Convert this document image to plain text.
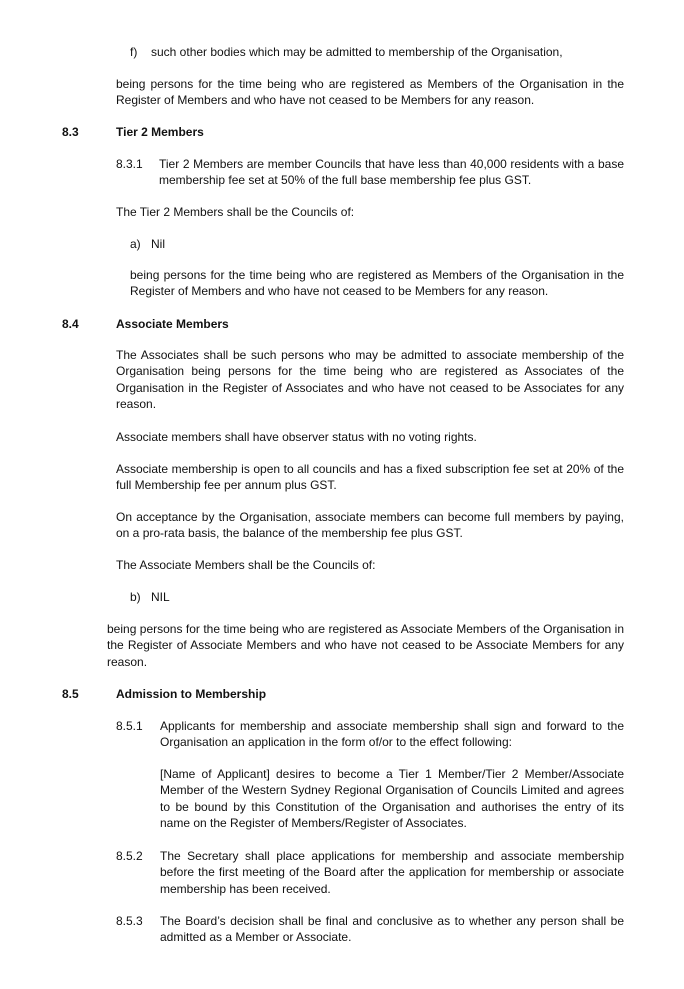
f) such other bodies which may be admitted to membership of the Organisation,

being persons for the time being who are registered as Members of the Organisation in the Register of Members and who have not ceased to be Members for any reason.

8.3	Tier 2 Members
8.3.1 Tier 2 Members are member Councils that have less than 40,000 residents with a base membership fee set at 50% of the full base membership fee plus GST.

The Tier 2 Members shall be the Councils of:

a) Nil

being persons for the time being who are registered as Members of the Organisation in the Register of Members and who have not ceased to be Members for any reason.

8.4	Associate Members

The Associates shall be such persons who may be admitted to associate membership of the Organisation being persons for the time being who are registered as Associates of the Organisation in the Register of Associates and who have not ceased to be Associates for any reason.

Associate members shall have observer status with no voting rights.

Associate membership is open to all councils and has a fixed subscription fee set at 20% of the full Membership fee per annum plus GST.

On acceptance by the Organisation, associate members can become full members by paying, on a pro-rata basis, the balance of the membership fee plus GST.

The Associate Members shall be the Councils of:

b) NIL

being persons for the time being who are registered as Associate Members of the Organisation in the Register of Associate Members and who have not ceased to be Associate Members for any reason.

8.5	Admission to Membership
8.5.1 Applicants for membership and associate membership shall sign and forward to the Organisation an application in the form of/or to the effect following:

[Name of Applicant] desires to become a Tier 1 Member/Tier 2 Member/Associate Member of the Western Sydney Regional Organisation of Councils Limited and agrees to be bound by this Constitution of the Organisation and authorises the entry of its name on the Register of Members/Register of Associates.

8.5.2 The Secretary shall place applications for membership and associate membership before the first meeting of the Board after the application for membership or associate membership has been received.

8.5.3 The Board’s decision shall be final and conclusive as to whether any person shall be admitted as a Member or Associate.
